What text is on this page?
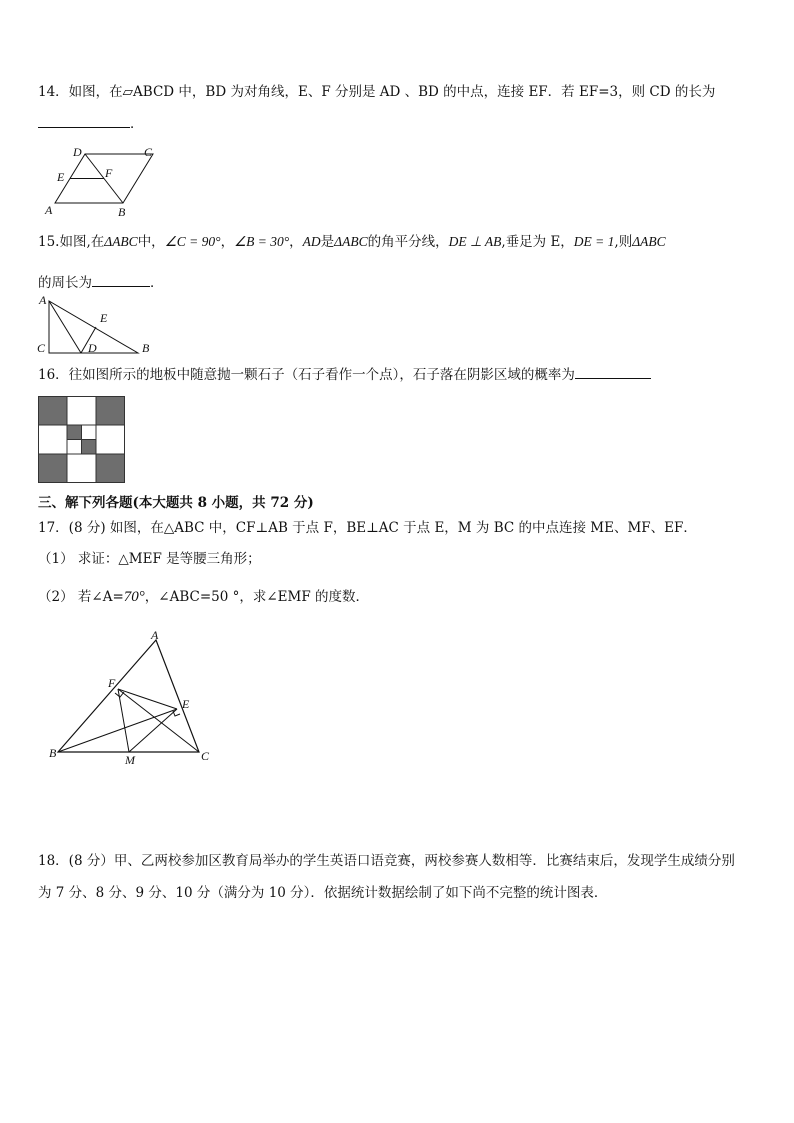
14．如图，在▱ABCD 中，BD 为对角线，E、F 分别是 AD 、BD 的中点，连接 EF．若 EF=3，则 CD 的长为
．
A	B
C
D
E	F
15.如图,在ΔABC中，∠C = 90°，∠B = 30°，AD是ΔABC的角平分线，DE ⊥ AB,垂足为 E，DE = 1,则ΔABC
的周长为	．
A
C	D
E
B
16．往如图所示的地板中随意抛一颗石子（石子看作一个点），石子落在阴影区域的概率为
三、解下列各题(本大题共 8 小题，共 72 分)
17．(8 分) 如图，在△ABC 中，CF⊥AB 于点 F，BE⊥AC 于点 E，M 为 BC 的中点连接 ME、MF、EF．
（1） 求证：△MEF 是等腰三角形；
（2） 若∠A=70°，∠ABC=50 °，求∠EMF 的度数．
A
F
E
B	M	C
18．(8 分）甲、乙两校参加区教育局举办的学生英语口语竞赛，两校参赛人数相等．比赛结束后，发现学生成绩分别
为 7 分、8 分、9 分、10 分（满分为 10 分）．依据统计数据绘制了如下尚不完整的统计图表．
